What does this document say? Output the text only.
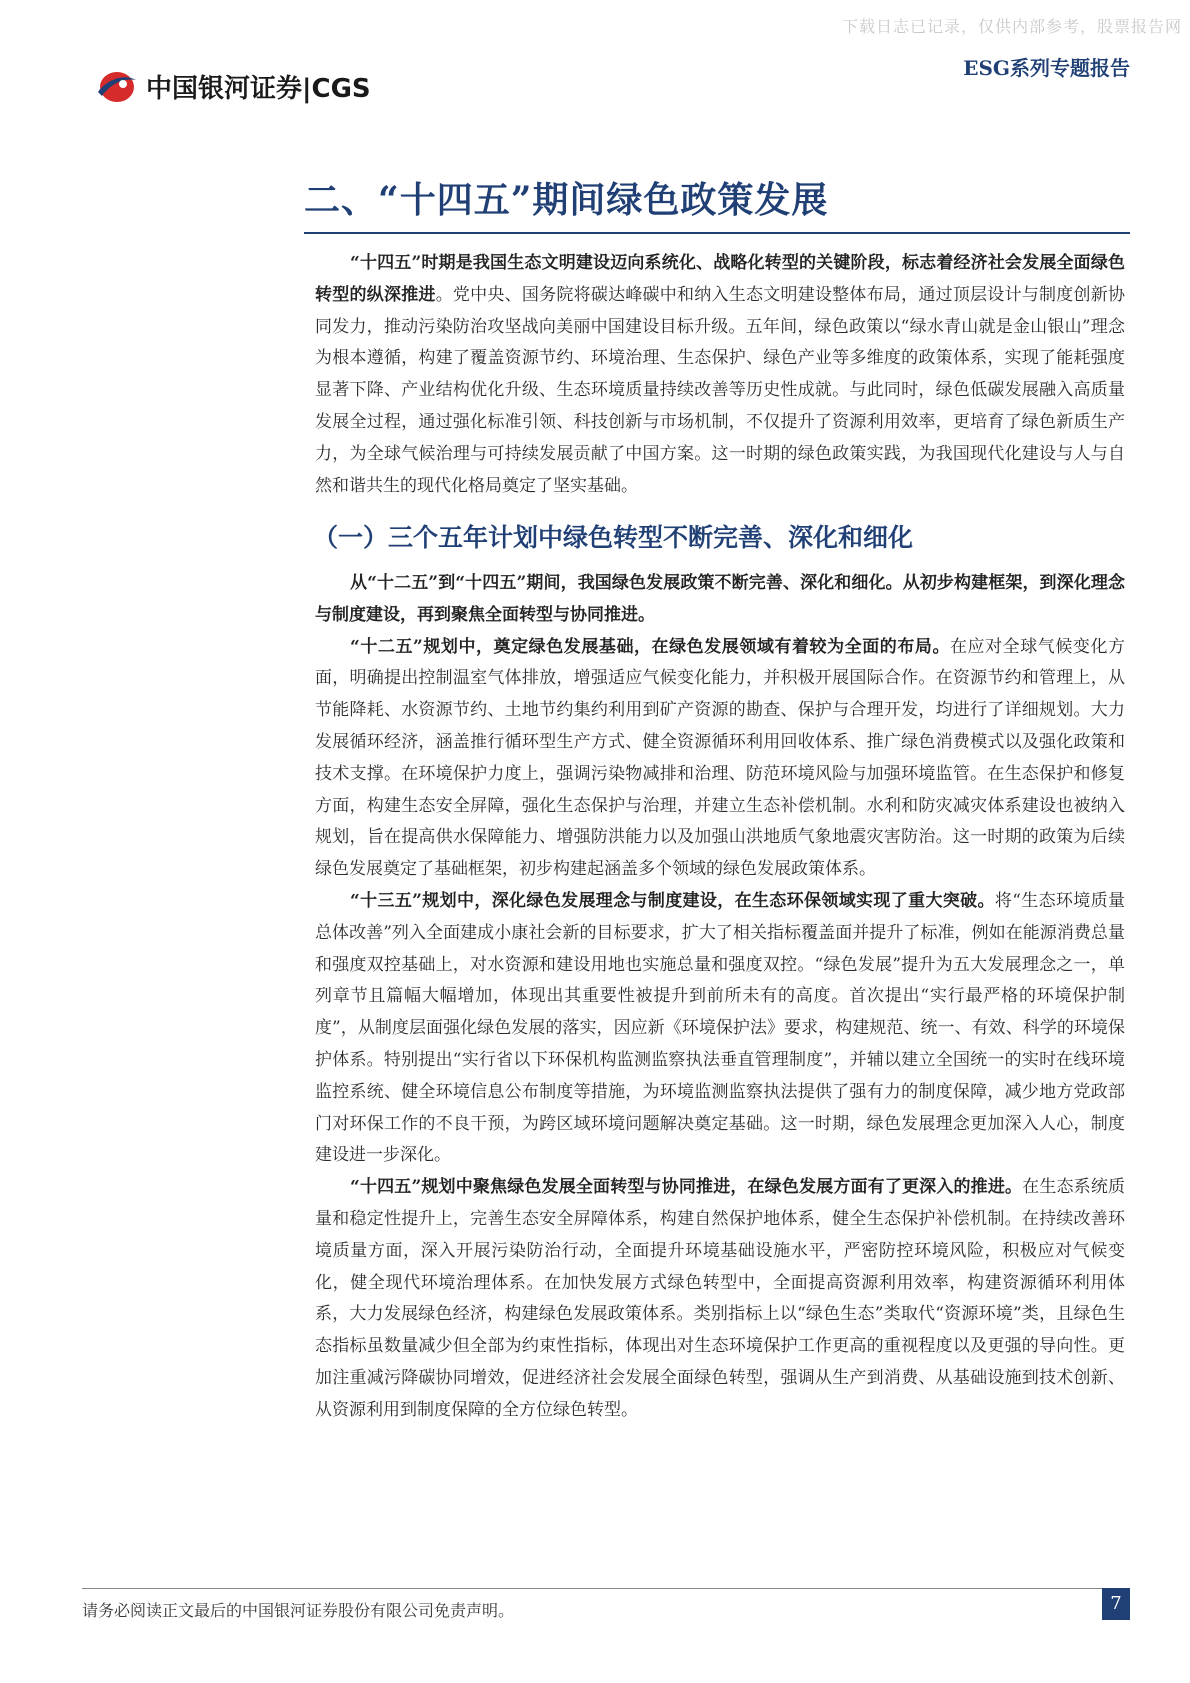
下载日志已记录，仅供内部参考，股票报告网
中国银河证券|CGS
ESG系列专题报告
二、“十四五”期间绿色政策发展

“十四五”时期是我国生态文明建设迈向系统化、战略化转型的关键阶段，标志着经济社会发展全面绿色转型的纵深推进。党中央、国务院将碳达峰碳中和纳入生态文明建设整体布局，通过顶层设计与制度创新协同发力，推动污染防治攻坚战向美丽中国建设目标升级。五年间，绿色政策以“绿水青山就是金山银山”理念为根本遵循，构建了覆盖资源节约、环境治理、生态保护、绿色产业等多维度的政策体系，实现了能耗强度显著下降、产业结构优化升级、生态环境质量持续改善等历史性成就。与此同时，绿色低碳发展融入高质量发展全过程，通过强化标准引领、科技创新与市场机制，不仅提升了资源利用效率，更培育了绿色新质生产力，为全球气候治理与可持续发展贡献了中国方案。这一时期的绿色政策实践，为我国现代化建设与人与自然和谐共生的现代化格局奠定了坚实基础。

（一）三个五年计划中绿色转型不断完善、深化和细化

从“十二五”到“十四五”期间，我国绿色发展政策不断完善、深化和细化。从初步构建框架，到深化理念与制度建设，再到聚焦全面转型与协同推进。

“十二五”规划中，奠定绿色发展基础，在绿色发展领域有着较为全面的布局。在应对全球气候变化方面，明确提出控制温室气体排放，增强适应气候变化能力，并积极开展国际合作。在资源节约和管理上，从节能降耗、水资源节约、土地节约集约利用到矿产资源的勘查、保护与合理开发，均进行了详细规划。大力发展循环经济，涵盖推行循环型生产方式、健全资源循环利用回收体系、推广绿色消费模式以及强化政策和技术支撑。在环境保护力度上，强调污染物减排和治理、防范环境风险与加强环境监管。在生态保护和修复方面，构建生态安全屏障，强化生态保护与治理，并建立生态补偿机制。水利和防灾减灾体系建设也被纳入规划，旨在提高供水保障能力、增强防洪能力以及加强山洪地质气象地震灾害防治。这一时期的政策为后续绿色发展奠定了基础框架，初步构建起涵盖多个领域的绿色发展政策体系。

“十三五”规划中，深化绿色发展理念与制度建设，在生态环保领域实现了重大突破。将“生态环境质量总体改善”列入全面建成小康社会新的目标要求，扩大了相关指标覆盖面并提升了标准，例如在能源消费总量和强度双控基础上，对水资源和建设用地也实施总量和强度双控。“绿色发展”提升为五大发展理念之一，单列章节且篇幅大幅增加，体现出其重要性被提升到前所未有的高度。首次提出“实行最严格的环境保护制度”，从制度层面强化绿色发展的落实，因应新《环境保护法》要求，构建规范、统一、有效、科学的环境保护体系。特别提出“实行省以下环保机构监测监察执法垂直管理制度”，并辅以建立全国统一的实时在线环境监控系统、健全环境信息公布制度等措施，为环境监测监察执法提供了强有力的制度保障，减少地方党政部门对环保工作的不良干预，为跨区域环境问题解决奠定基础。这一时期，绿色发展理念更加深入人心，制度建设进一步深化。

“十四五”规划中聚焦绿色发展全面转型与协同推进，在绿色发展方面有了更深入的推进。在生态系统质量和稳定性提升上，完善生态安全屏障体系，构建自然保护地体系，健全生态保护补偿机制。在持续改善环境质量方面，深入开展污染防治行动，全面提升环境基础设施水平，严密防控环境风险，积极应对气候变化，健全现代环境治理体系。在加快发展方式绿色转型中，全面提高资源利用效率，构建资源循环利用体系，大力发展绿色经济，构建绿色发展政策体系。类别指标上以“绿色生态”类取代“资源环境”类，且绿色生态指标虽数量减少但全部为约束性指标，体现出对生态环境保护工作更高的重视程度以及更强的导向性。更加注重减污降碳协同增效，促进经济社会发展全面绿色转型，强调从生产到消费、从基础设施到技术创新、从资源利用到制度保障的全方位绿色转型。

请务必阅读正文最后的中国银河证券股份有限公司免责声明。	7
